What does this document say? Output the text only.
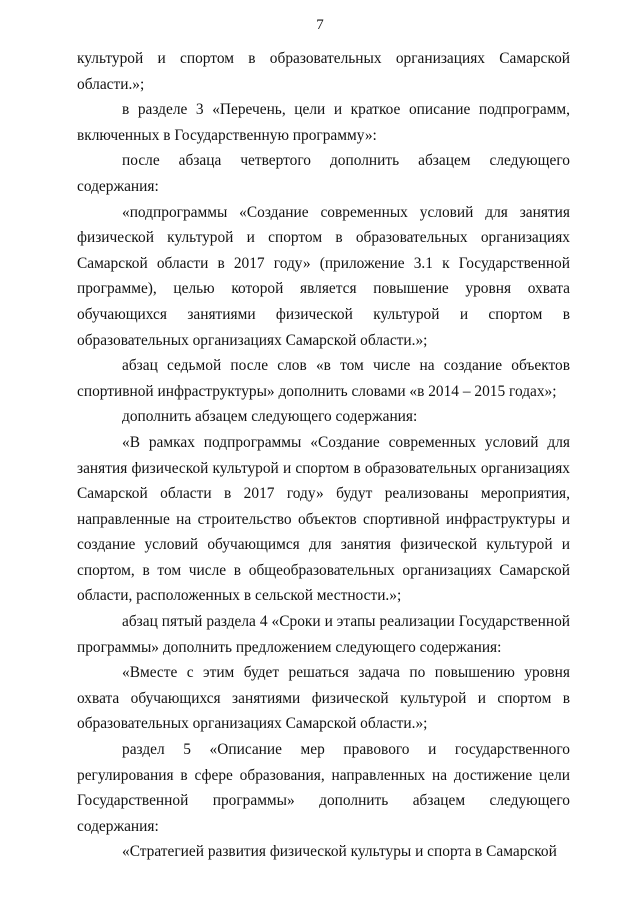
7

культурой и спортом в образовательных организациях Самарской области.»;

в разделе 3 «Перечень, цели и краткое описание подпрограмм, включенных в Государственную программу»:

после абзаца четвертого дополнить абзацем следующего содержания:

«подпрограммы «Создание современных условий для занятия физической культурой и спортом в образовательных организациях Самарской области в 2017 году» (приложение 3.1 к Государственной программе), целью которой является повышение уровня охвата обучающихся занятиями физической культурой и спортом в образовательных организациях Самарской области.»;

абзац седьмой после слов «в том числе на создание объектов спортивной инфраструктуры» дополнить словами «в 2014 – 2015 годах»;

дополнить абзацем следующего содержания:

«В рамках подпрограммы «Создание современных условий для занятия физической культурой и спортом в образовательных организациях Самарской области в 2017 году» будут реализованы мероприятия, направленные на строительство объектов спортивной инфраструктуры и создание условий обучающимся для занятия физической культурой и спортом, в том числе в общеобразовательных организациях Самарской области, расположенных в сельской местности.»;

абзац пятый раздела 4 «Сроки и этапы реализации Государственной программы» дополнить предложением следующего содержания:

«Вместе с этим будет решаться задача по повышению уровня охвата обучающихся занятиями физической культурой и спортом в образовательных организациях Самарской области.»;

раздел 5 «Описание мер правового и государственного регулирования в сфере образования, направленных на достижение цели Государственной программы» дополнить абзацем следующего содержания:

«Стратегией развития физической культуры и спорта в Самарской
